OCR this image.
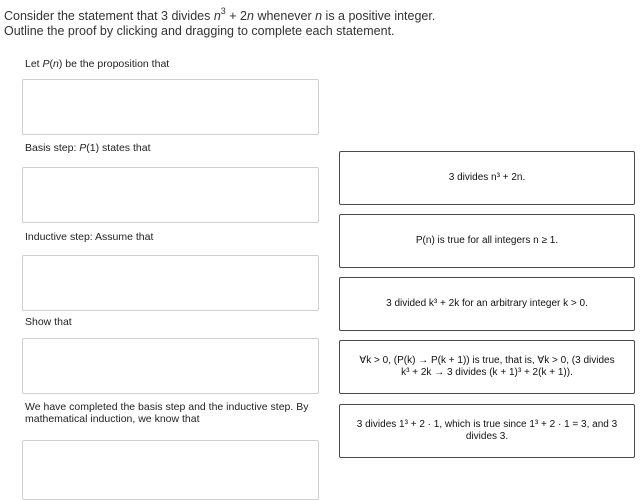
Consider the statement that 3 divides $n^3 + 2n$ whenever n is a positive integer.
Outline the proof by clicking and dragging to complete each statement.
Let P(n) be the proposition that
Basis step: P(1) states that
Inductive step: Assume that
Show that
We have completed the basis step and the inductive step. By mathematical induction, we know that
3 divides n³ + 2n.
P(n) is true for all integers n ≥ 1.
3 divided k³ + 2k for an arbitrary integer k > 0.
∀k > 0, (P(k) → P(k + 1)) is true, that is, ∀k > 0, (3 divides k³ + 2k → 3 divides (k + 1)³ + 2(k + 1)).
3 divides 1³ + 2 · 1, which is true since 1³ + 2 · 1 = 3, and 3 divides 3.
